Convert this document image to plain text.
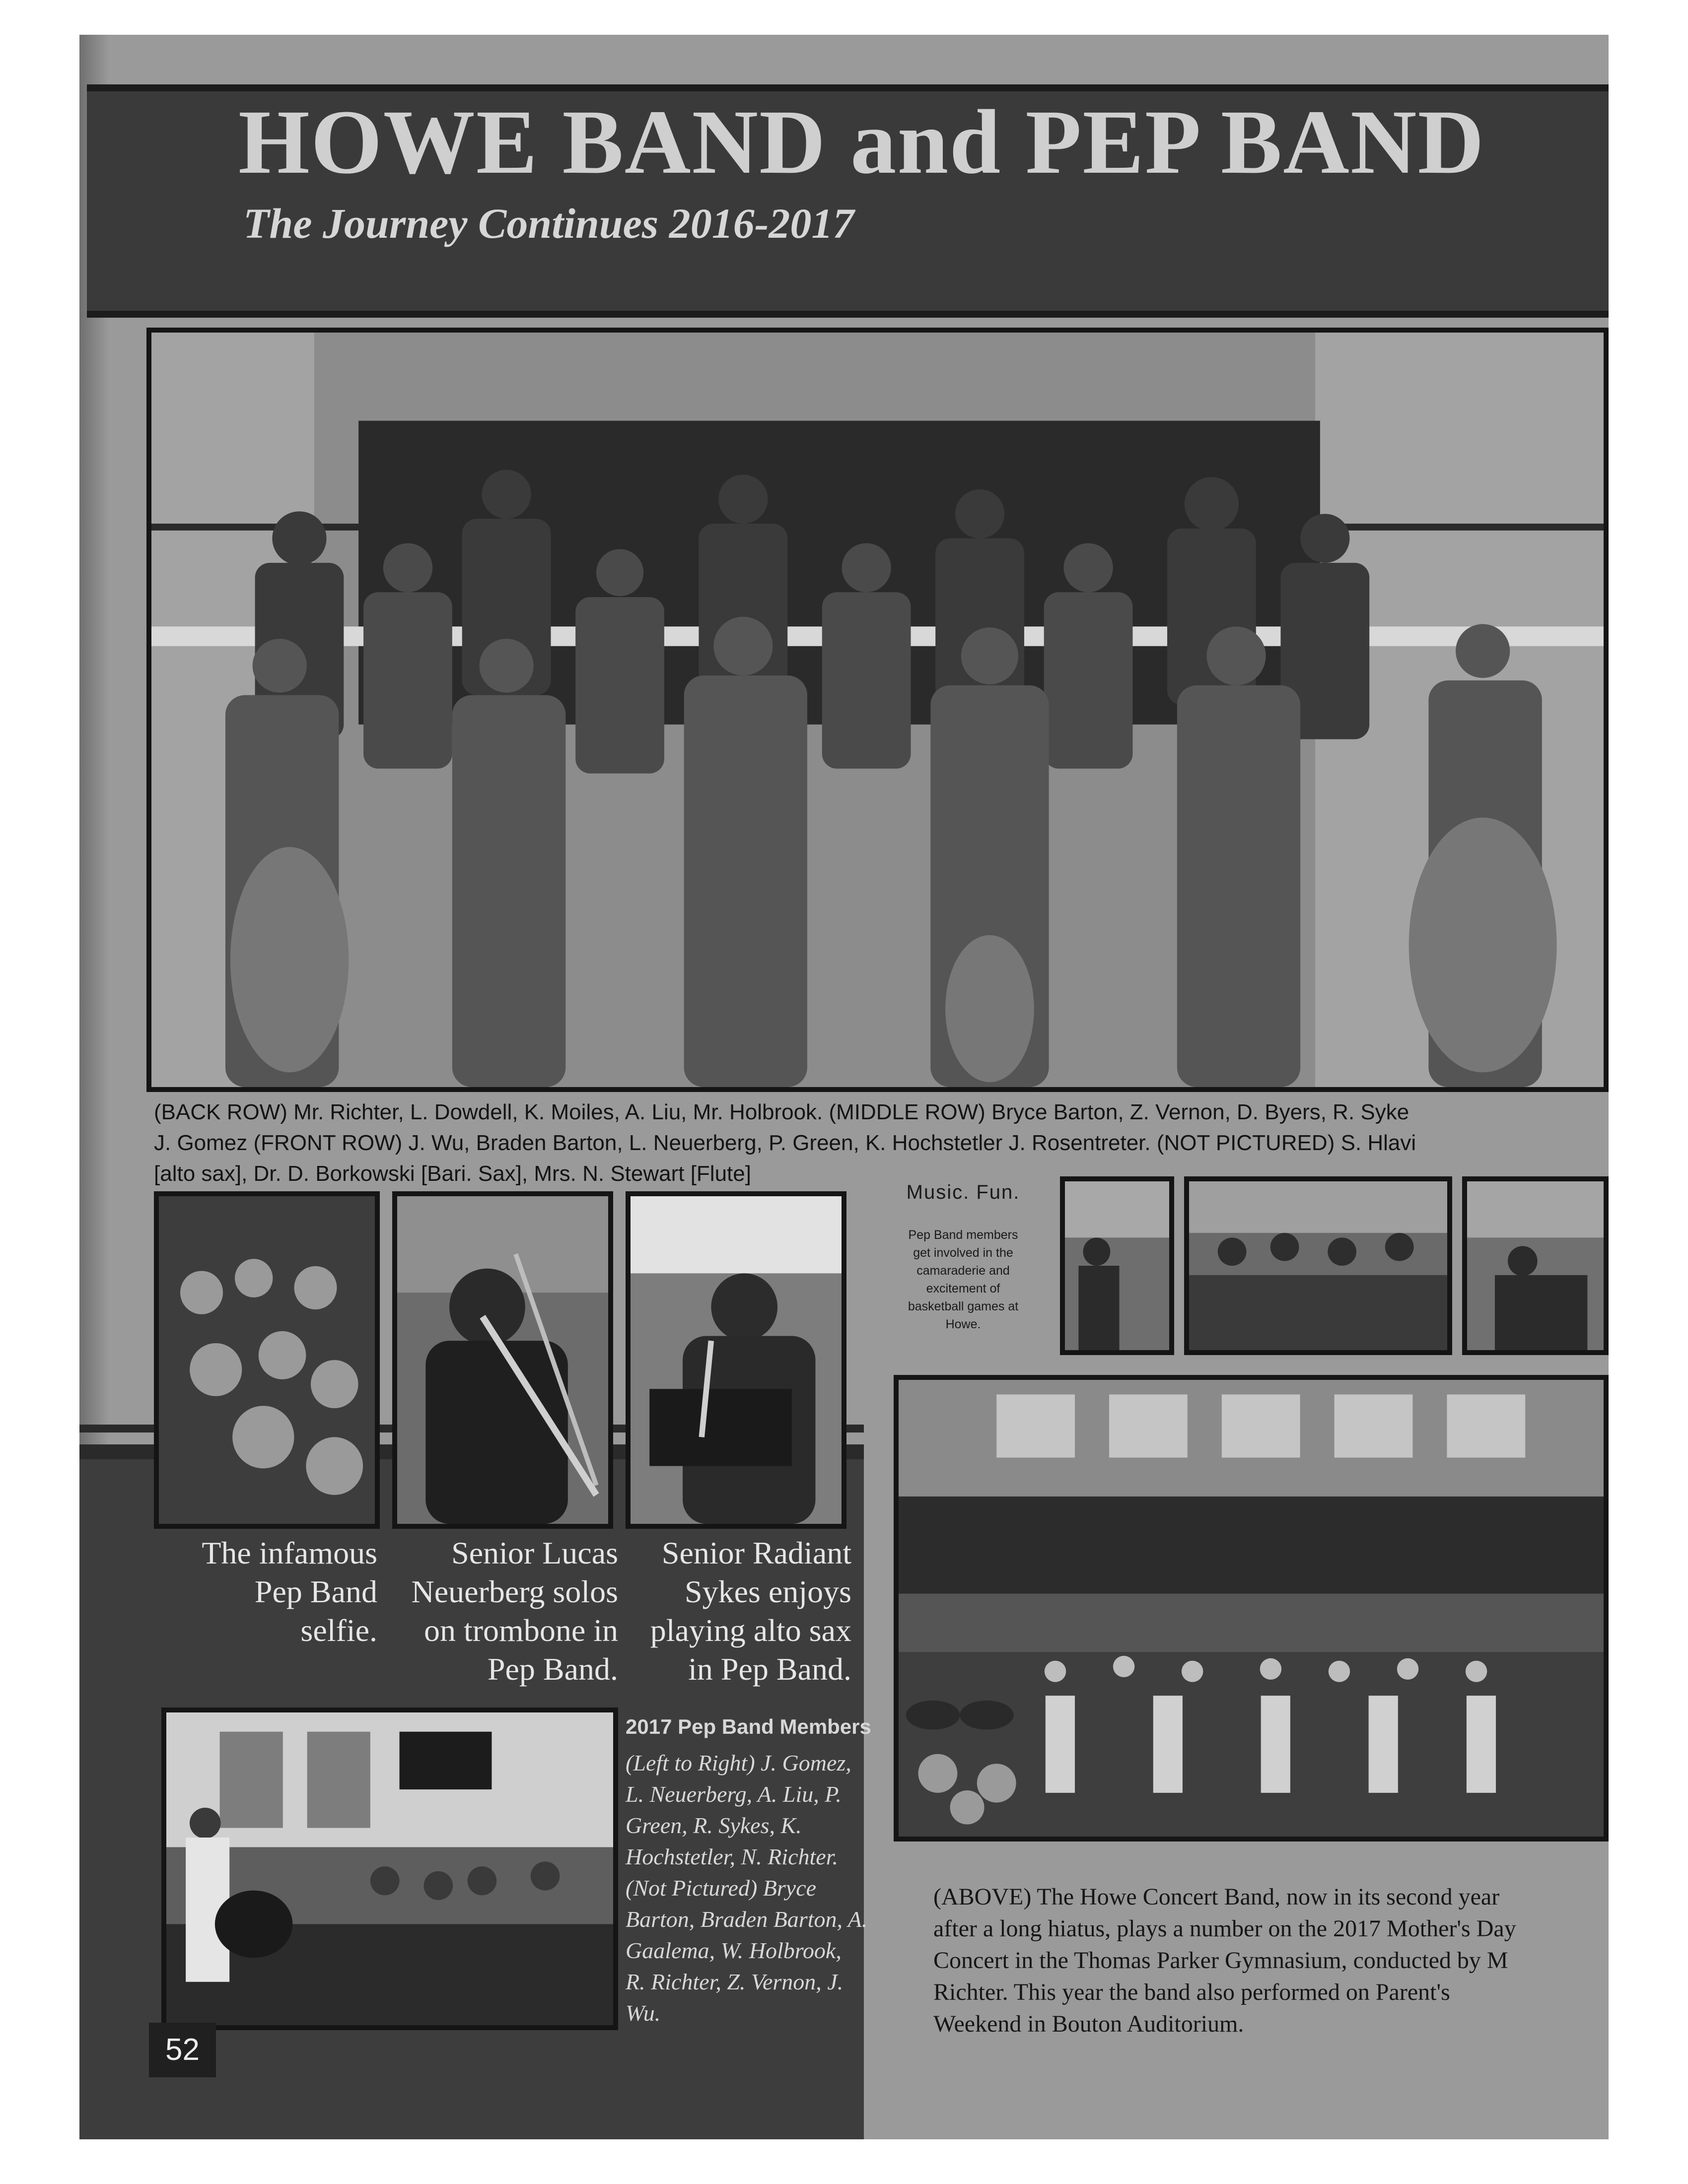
HOWE BAND and PEP BAND
The Journey Continues 2016-2017

(BACK ROW) Mr. Richter, L. Dowdell, K. Moiles, A. Liu, Mr. Holbrook. (MIDDLE ROW) Bryce Barton, Z. Vernon, D. Byers, R. Syke
J. Gomez (FRONT ROW) J. Wu, Braden Barton, L. Neuerberg, P. Green, K. Hochstetler J. Rosentreter. (NOT PICTURED) S. Hlavi
[alto sax], Dr. D. Borkowski [Bari. Sax], Mrs. N. Stewart [Flute]

Music. Fun.
Pep Band members
get involved in the
camaraderie and
excitement of
basketball games at
Howe.

The infamous
Pep Band
selfie.

Senior Lucas
Neuerberg solos
on trombone in
Pep Band.

Senior Radiant
Sykes enjoys
playing alto sax
in Pep Band.

2017 Pep Band Members

(Left to Right) J. Gomez,
L. Neuerberg, A. Liu, P.
Green, R. Sykes, K.
Hochstetler, N. Richter.
(Not Pictured) Bryce
Barton, Braden Barton, A.
Gaalema, W. Holbrook,
R. Richter, Z. Vernon, J.
Wu.

(ABOVE) The Howe Concert Band, now in its second year
after a long hiatus, plays a number on the 2017 Mother's Day
Concert in the Thomas Parker Gymnasium, conducted by M
Richter. This year the band also performed on Parent's
Weekend in Bouton Auditorium.

52
